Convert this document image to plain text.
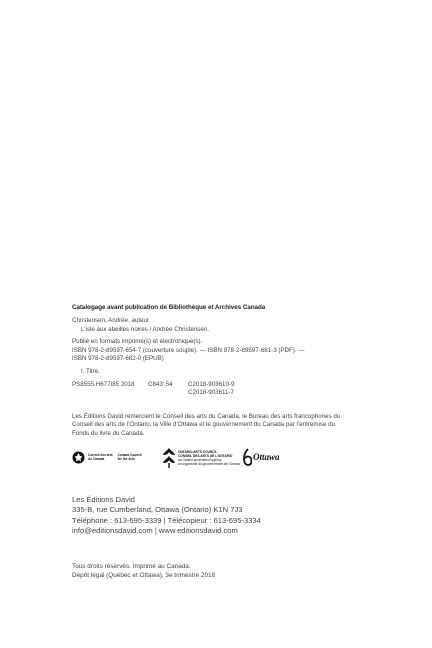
Catalogage avant publication de Bibliothèque et Archives Canada
Christensen, Andrée, auteur
L’isle aux abeilles noires / Andrée Christensen.
Publié en formats imprimé(s) et électronique(s).
ISBN 978-2-89597-654-7 (couverture souple). — ISBN 978-2-89597-681-3 (PDF). —
ISBN 978-2-89597-682-0 (EPUB)
I. Titre.
PS8555.H677I85 2018	C843'.54	C2018-903610-9
C2018-903611-7
Les Éditions David remercient le Conseil des arts du Canada, le Bureau des arts francophones du Conseil des arts de l’Ontario, la Ville d’Ottawa et le gouvernement du Canada par l’entremise du Fonds du livre du Canada.
Conseil des arts
du Canada
Canada Council
for the Arts
ONTARIO ARTS COUNCIL
CONSEIL DES ARTS DE L’ONTARIO
an Ontario government agency
un organisme du gouvernement de l’Ontario
Ottawa
Les Éditions David
335-B, rue Cumberland, Ottawa (Ontario) K1N 7J3
Téléphone : 613-695-3339 | Télécopieur : 613-695-3334
info@editionsdavid.com | www.editionsdavid.com
Tous droits réservés. Imprimé au Canada.
Dépôt légal (Québec et Ottawa), 3e trimestre 2018
